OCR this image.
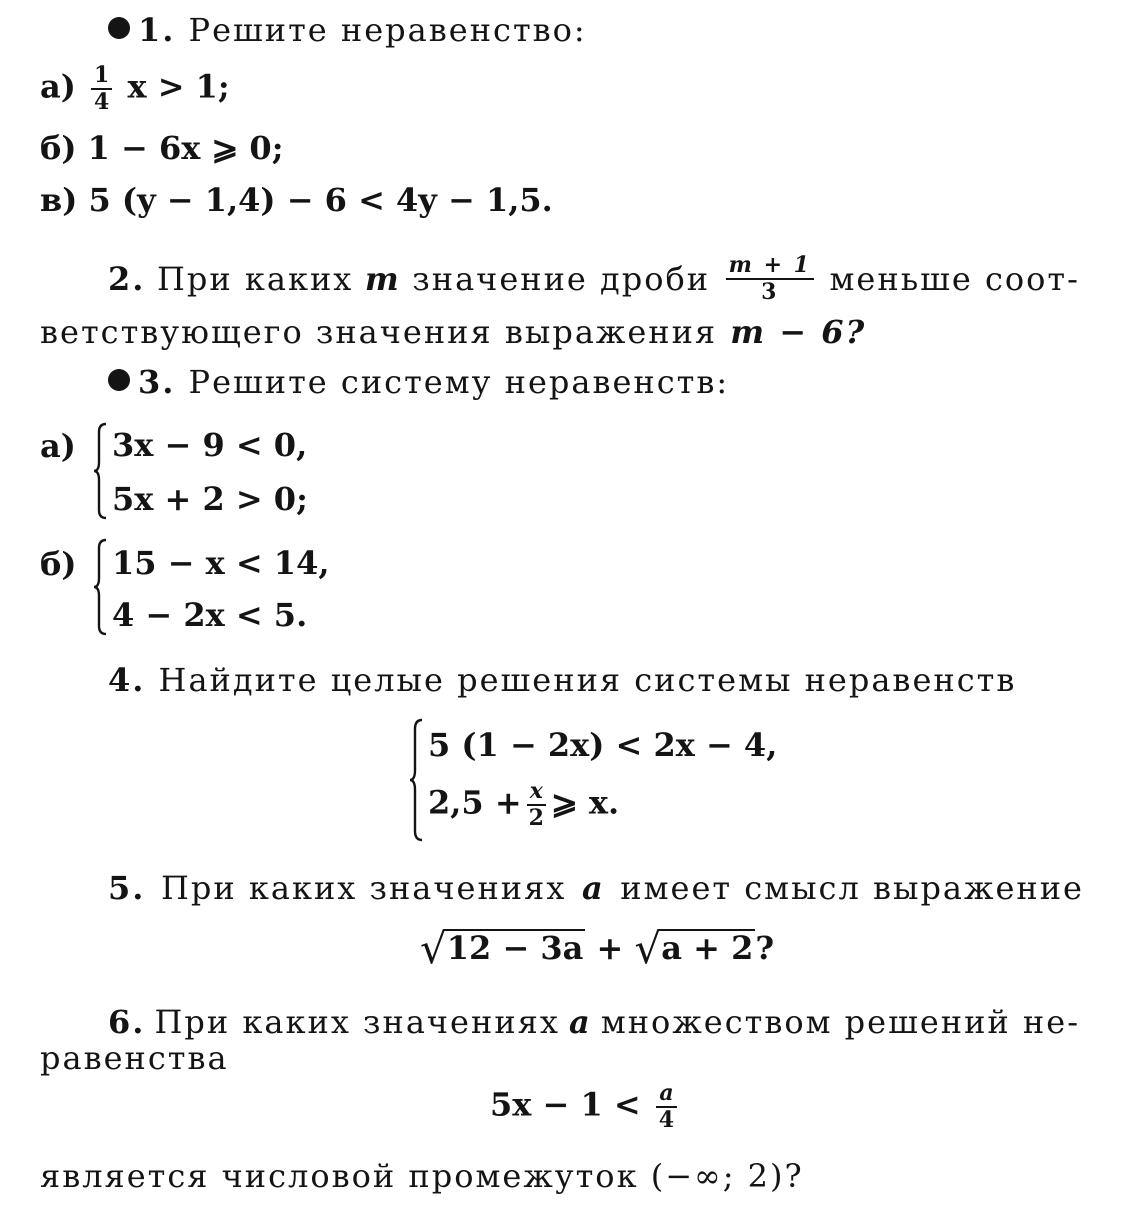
1. Решите неравенство:
$а) \frac{1}{4}$ x > 1;
б) 1 − 6x ⩾ 0;
в) 5 (y − 1,4) − 6 < 4y − 1,5.
2. При каких m значение дроби $\frac{m + 1}{3}$ меньше соот-
ветствующего значения выражения m − 6?
3. Решите систему неравенств:
а) 3x − 9 < 0,
5x + 2 > 0;
б) 15 − x < 14,
4 − 2x < 5.
4. Найдите целые решения системы неравенств
5 (1 − 2x) < 2x − 4,
$2,5 + \frac{x}{2}$ ⩾ x.
5. При каких значениях a имеет смысл выражение
√12 − 3a + √a + 2?
6. При каких значениях a множеством решений не-
равенства
$5x - 1 < \frac{a}{4}$
является числовой промежуток (−∞; 2)?
